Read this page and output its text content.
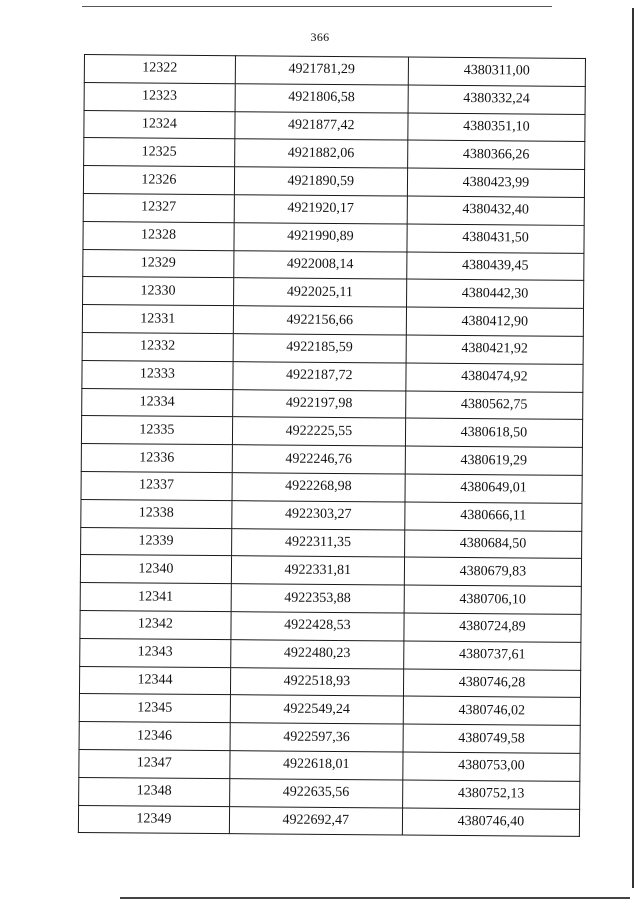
366
12322	4921781,29	4380311,00
12323	4921806,58	4380332,24
12324	4921877,42	4380351,10
12325	4921882,06	4380366,26
12326	4921890,59	4380423,99
12327	4921920,17	4380432,40
12328	4921990,89	4380431,50
12329	4922008,14	4380439,45
12330	4922025,11	4380442,30
12331	4922156,66	4380412,90
12332	4922185,59	4380421,92
12333	4922187,72	4380474,92
12334	4922197,98	4380562,75
12335	4922225,55	4380618,50
12336	4922246,76	4380619,29
12337	4922268,98	4380649,01
12338	4922303,27	4380666,11
12339	4922311,35	4380684,50
12340	4922331,81	4380679,83
12341	4922353,88	4380706,10
12342	4922428,53	4380724,89
12343	4922480,23	4380737,61
12344	4922518,93	4380746,28
12345	4922549,24	4380746,02
12346	4922597,36	4380749,58
12347	4922618,01	4380753,00
12348	4922635,56	4380752,13
12349	4922692,47	4380746,40
